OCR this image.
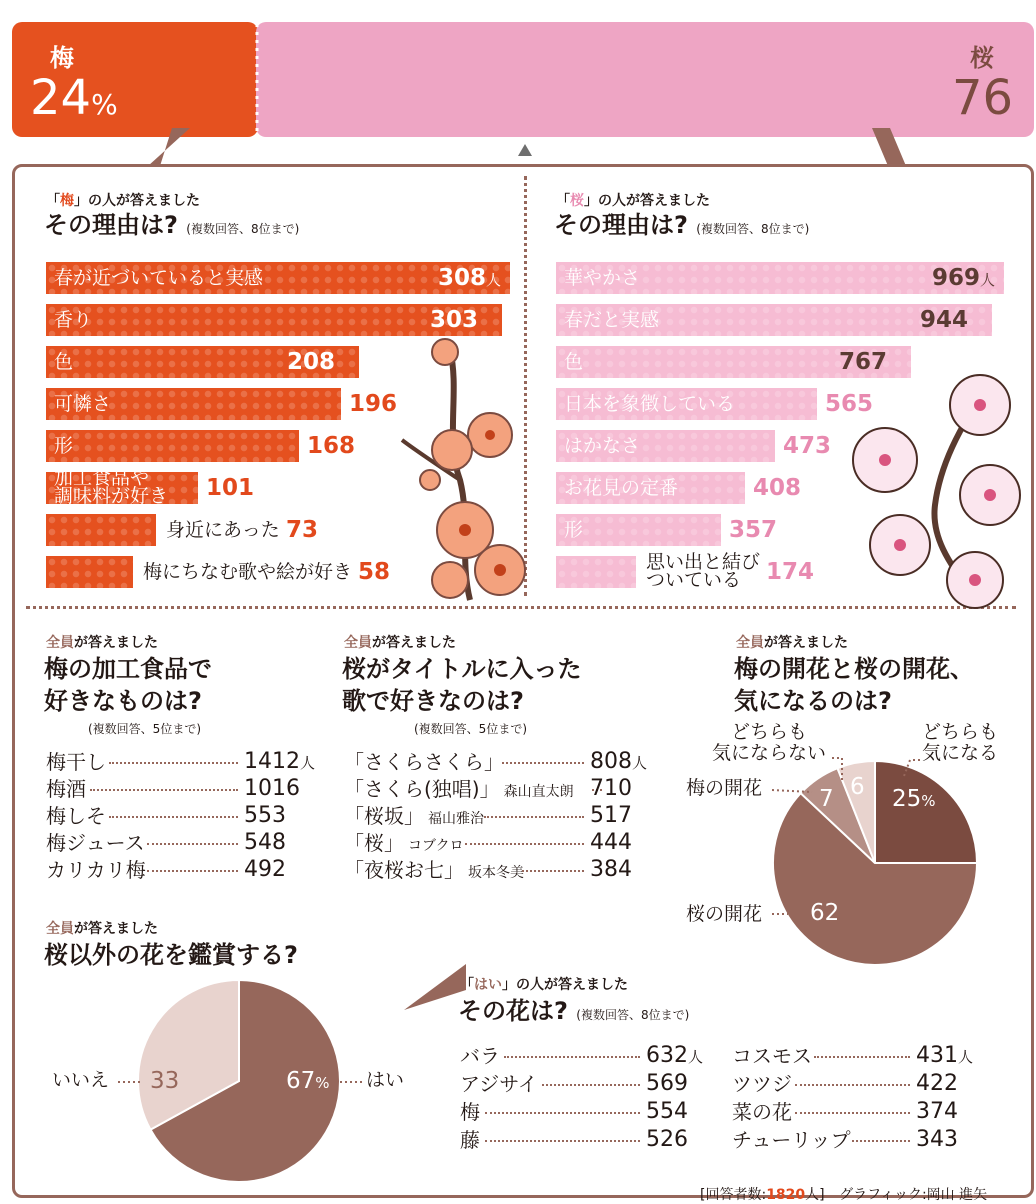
梅
24%
桜
76
「梅」の人が答えました
その理由は? (複数回答、8位まで)
春が近づいていると実感	308人
香り	303
色	208
可憐さ	196
形	168
加工食品や
調味料が好き 101
身近にあった 73
梅にちなむ歌や絵が好き 58
「桜」の人が答えました
その理由は? (複数回答、8位まで)
華やかさ	969人
春だと実感	944
色	767
日本を象徴している	565
はかなさ	473
お花見の定番	408
形	357
思い出と結び
ついている 174
全員が答えました
梅の加工食品で
好きなものは?
(複数回答、5位まで)
梅干し	1412人
梅酒	1016
梅しそ	553
梅ジュース	548
カリカリ梅	492
全員が答えました
桜がタイトルに入った
歌で好きなのは?
(複数回答、5位まで)
「さくらさくら」	808人
「さくら(独唱)」 森山直太朗 710
「桜坂」 福山雅治	517
「桜」 コブクロ	444
「夜桜お七」 坂本冬美	384
全員が答えました
梅の開花と桜の開花、
気になるのは?
どちらも
気になる
どちらも
気にならない
梅の開花
桜の開花
25%
62
7 6
全員が答えました
桜以外の花を鑑賞する?
はい
いいえ	67%
33
「はい」の人が答えました
その花は? (複数回答、8位まで)
バラ	632人
アジサイ	569
梅	554
藤	526
コスモス	431人
ツツジ	422
菜の花	374
チューリップ	343
[回答者数:1820人] グラフィック:岡山 進矢
